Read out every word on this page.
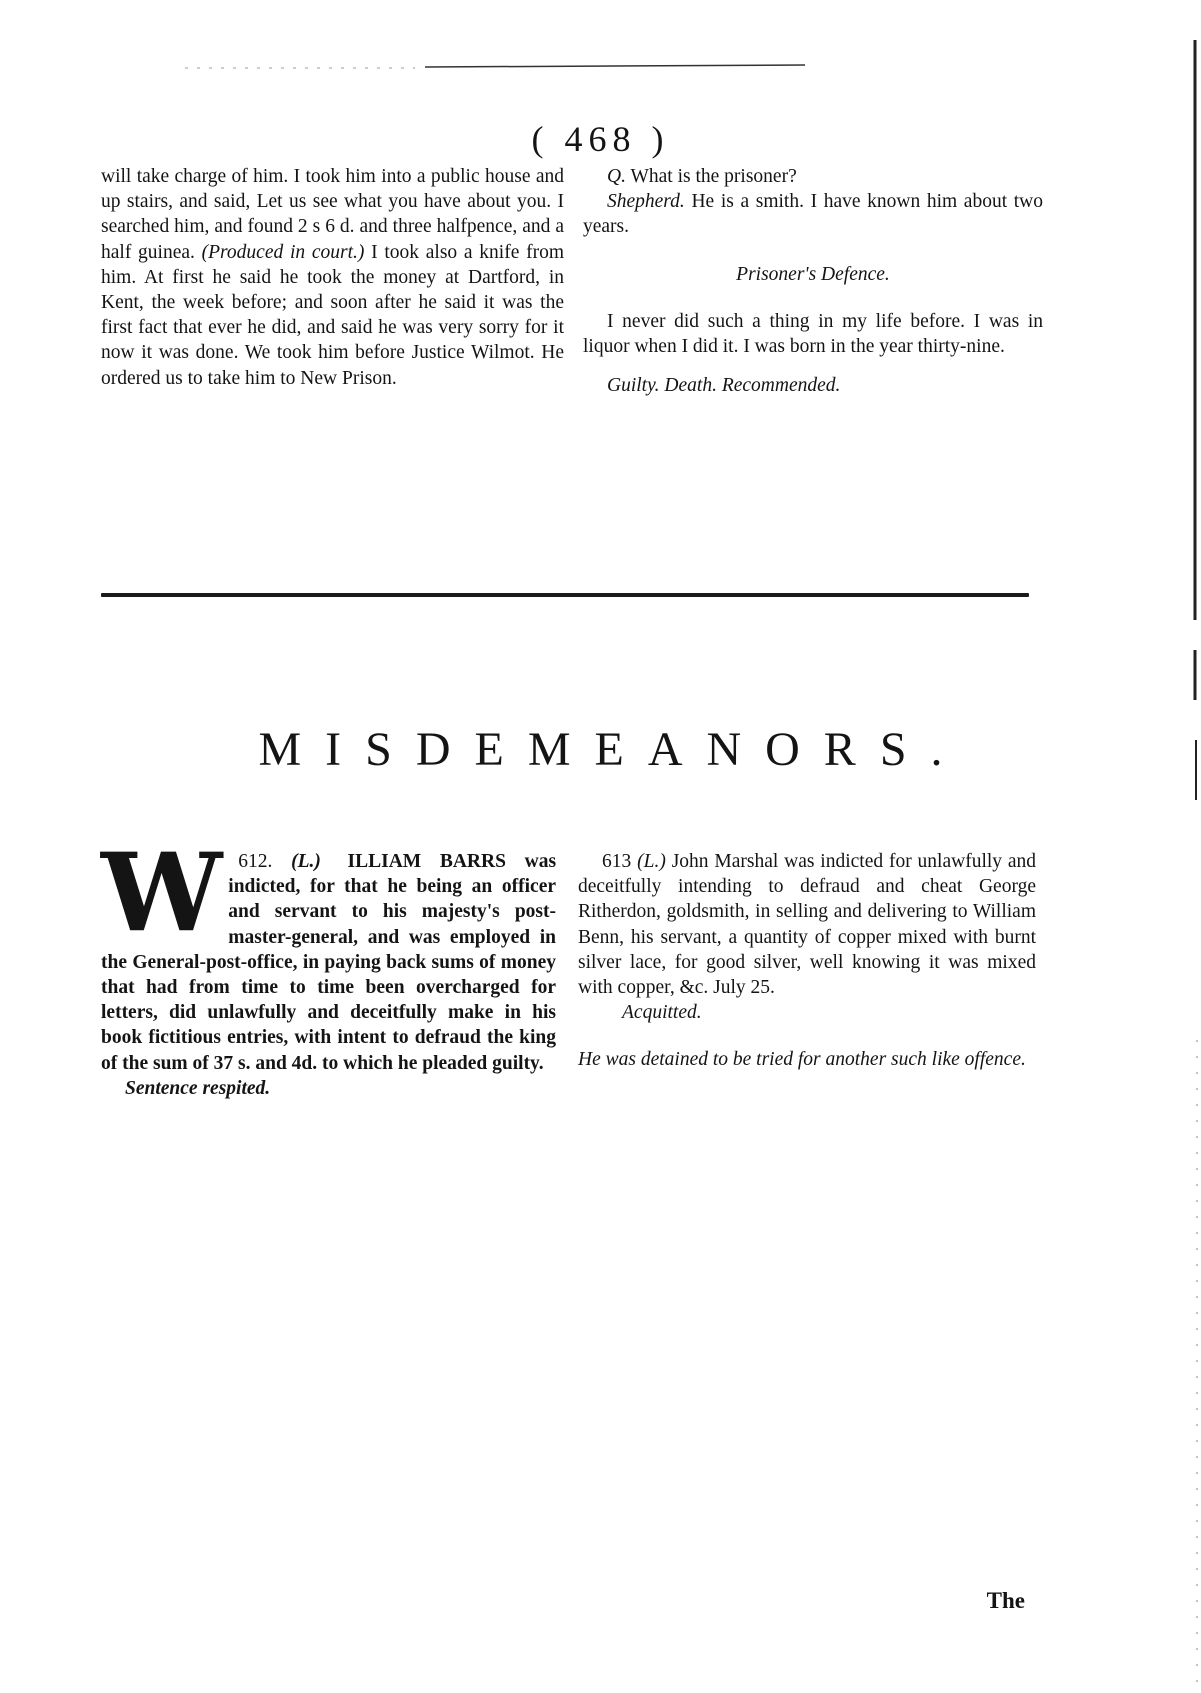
( 468 )

will take charge of him. I took him into a public house and up stairs, and said, Let us see what you have about you. I searched him, and found 2 s 6 d. and three halfpence, and a half guinea. (Produced in court.) I took also a knife from him. At first he said he took the money at Dartford, in Kent, the week before; and soon after he said it was the first fact that ever he did, and said he was very sorry for it now it was done. We took him before Justice Wilmot. He ordered us to take him to New Prison.

Q. What is the prisoner?

Shepherd. He is a smith. I have known him about two years.

Prisoner's Defence.

I never did such a thing in my life before. I was in liquor when I did it. I was born in the year thirty-nine.

Guilty. Death. Recommended.

MISDEMEANORS.

612. (L.)
W	ILLIAM BARRS was indicted, for that he being an officer and servant to his majesty's post-master-general, and was employed in the General-post-office, in paying back sums of money that had from time to time been overcharged for letters, did unlawfully and deceitfully make in his book fictitious entries, with intent to defraud the king of the sum of 37 s. and 4d. to which he pleaded guilty.

Sentence respited.

613 (L.) John Marshal was indicted for unlawfully and deceitfully intending to defraud and cheat George Ritherdon, goldsmith, in selling and delivering to William Benn, his servant, a quantity of copper mixed with burnt silver lace, for good silver, well knowing it was mixed with copper, &c. July 25.

Acquitted.

He was detained to be tried for another such like offence.

The
